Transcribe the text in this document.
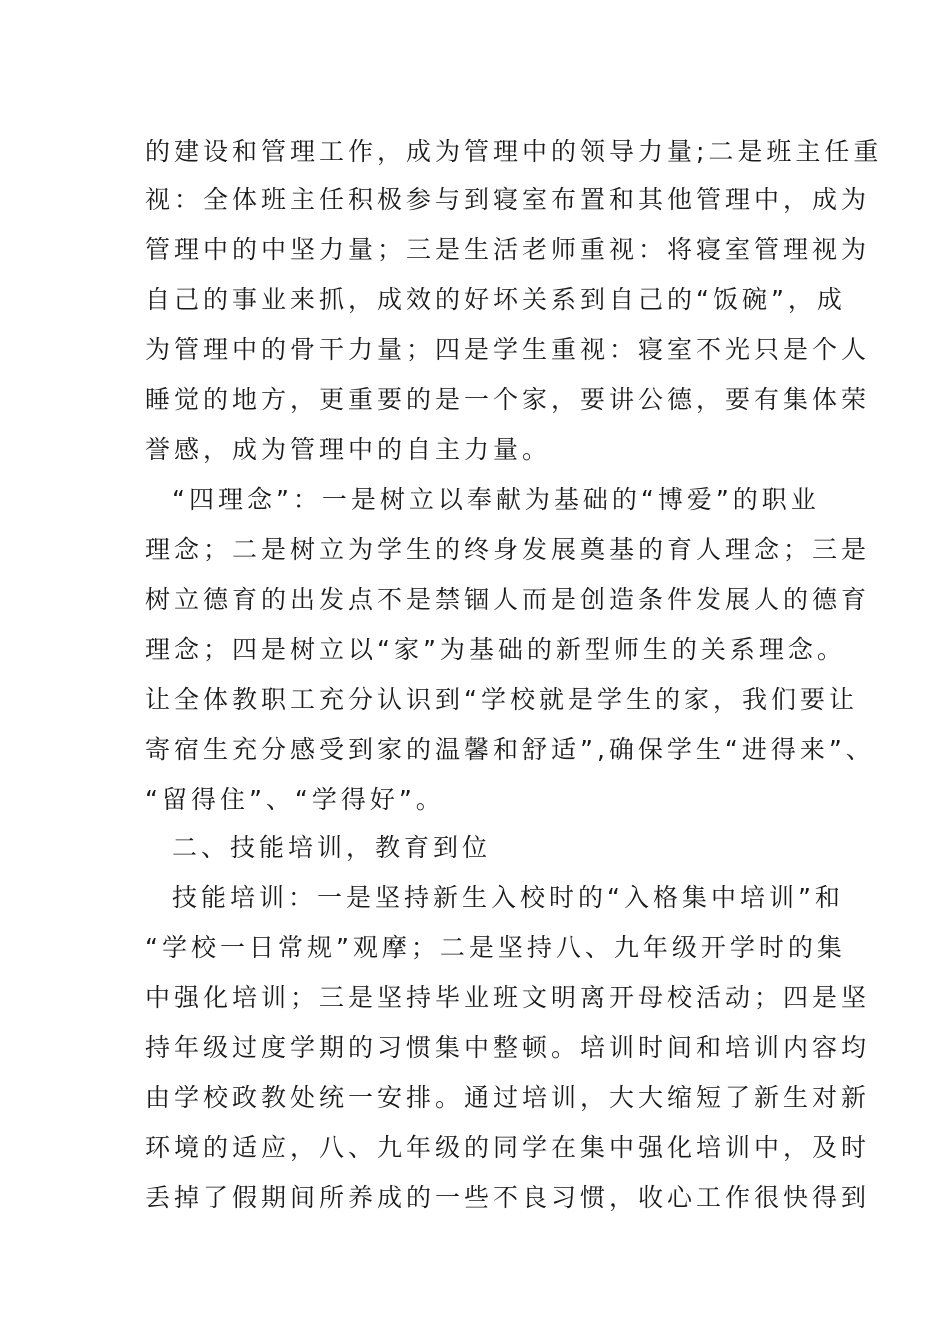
的建设和管理工作，成为管理中的领导力量;二是班主任重
视：全体班主任积极参与到寝室布置和其他管理中，成为
管理中的中坚力量；三是生活老师重视：将寝室管理视为
自己的事业来抓，成效的好坏关系到自己的“饭碗”，成
为管理中的骨干力量；四是学生重视：寝室不光只是个人
睡觉的地方，更重要的是一个家，要讲公德，要有集体荣
誉感，成为管理中的自主力量。
“四理念”：一是树立以奉献为基础的“博爱”的职业
理念；二是树立为学生的终身发展奠基的育人理念；三是
树立德育的出发点不是禁锢人而是创造条件发展人的德育
理念；四是树立以“家”为基础的新型师生的关系理念。
让全体教职工充分认识到“学校就是学生的家，我们要让
寄宿生充分感受到家的温馨和舒适”,确保学生“进得来”、
“留得住”、“学得好”。
二、技能培训，教育到位
技能培训：一是坚持新生入校时的“入格集中培训”和
“学校一日常规”观摩；二是坚持八、九年级开学时的集
中强化培训；三是坚持毕业班文明离开母校活动；四是坚
持年级过度学期的习惯集中整顿。培训时间和培训内容均
由学校政教处统一安排。通过培训，大大缩短了新生对新
环境的适应，八、九年级的同学在集中强化培训中，及时
丢掉了假期间所养成的一些不良习惯，收心工作很快得到
